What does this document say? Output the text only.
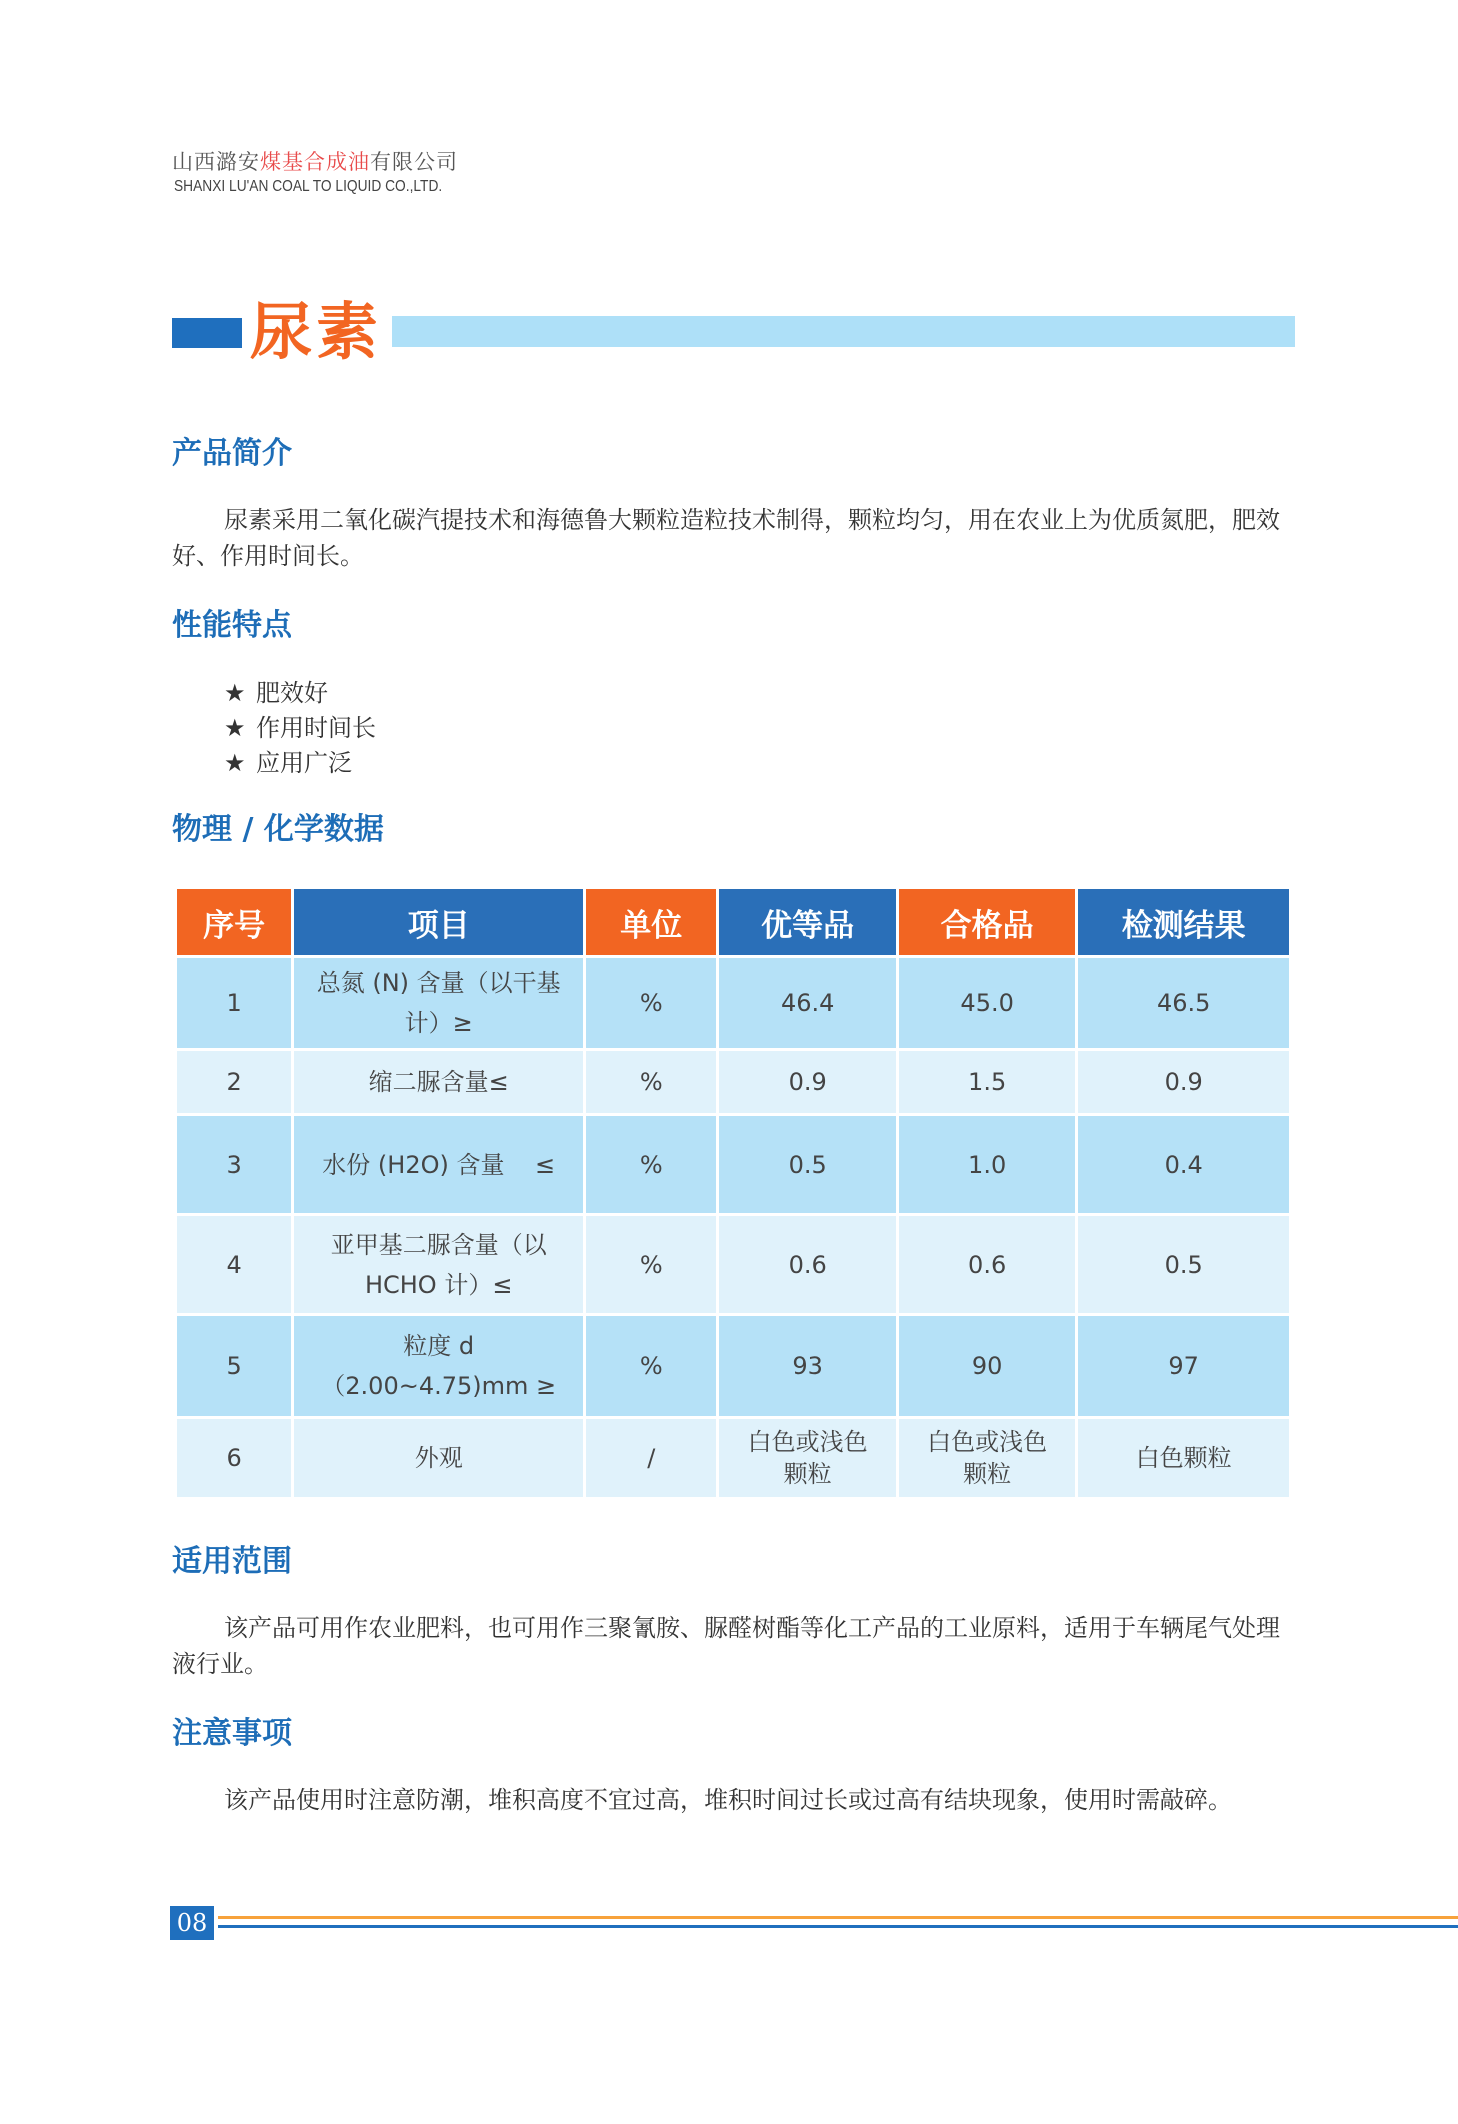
山西潞安煤基合成油有限公司
SHANXI LU'AN COAL TO LIQUID CO.,LTD.
尿素
产品简介
尿素采用二氧化碳汽提技术和海德鲁大颗粒造粒技术制得，颗粒均匀，用在农业上为优质氮肥，肥效好、作用时间长。
性能特点
★ 肥效好
★ 作用时间长
★ 应用广泛
物理 / 化学数据
序号	项目	单位	优等品	合格品	检测结果
1	总氮 (N) 含量（以干基计）≥	%	46.4	45.0	46.5
2	缩二脲含量≤	%	0.9	1.5	0.9
3	水份 (H2O) 含量    ≤	%	0.5	1.0	0.4
4	亚甲基二脲含量（以 HCHO 计）≤	%	0.6	0.6	0.5
5	粒度 d（2.00~4.75)mm ≥	%	93	90	97
6	外观	/	白色或浅色颗粒	白色或浅色颗粒	白色颗粒
适用范围
该产品可用作农业肥料，也可用作三聚氰胺、脲醛树酯等化工产品的工业原料，适用于车辆尾气处理液行业。
注意事项
该产品使用时注意防潮，堆积高度不宜过高，堆积时间过长或过高有结块现象，使用时需敲碎。
08
